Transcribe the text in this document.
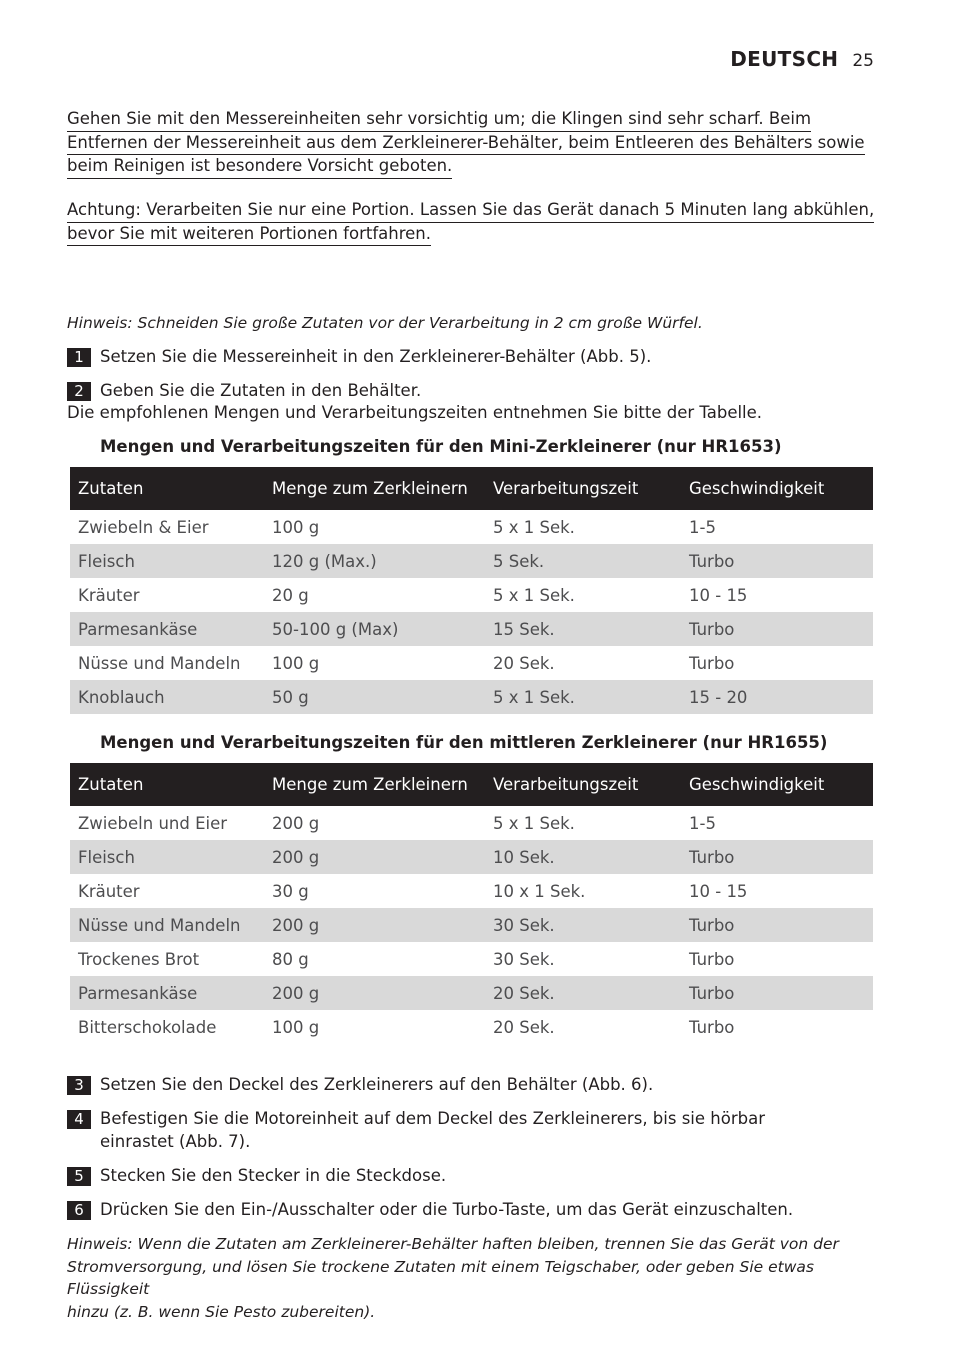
DEUTSCH 25
Gehen Sie mit den Messereinheiten sehr vorsichtig um; die Klingen sind sehr scharf. Beim
Entfernen der Messereinheit aus dem Zerkleinerer-Behälter, beim Entleeren des Behälters sowie
beim Reinigen ist besondere Vorsicht geboten.
Achtung: Verarbeiten Sie nur eine Portion. Lassen Sie das Gerät danach 5 Minuten lang abkühlen,
bevor Sie mit weiteren Portionen fortfahren.
Hinweis: Schneiden Sie große Zutaten vor der Verarbeitung in 2 cm große Würfel.
1 Setzen Sie die Messereinheit in den Zerkleinerer-Behälter (Abb. 5).
2 Geben Sie die Zutaten in den Behälter.
Die empfohlenen Mengen und Verarbeitungszeiten entnehmen Sie bitte der Tabelle.
Mengen und Verarbeitungszeiten für den Mini-Zerkleinerer (nur HR1653)
Zutaten	Menge zum Zerkleinern	Verarbeitungszeit	Geschwindigkeit
Zwiebeln & Eier	100 g	5 x 1 Sek.	1-5
Fleisch	120 g (Max.)	5 Sek.	Turbo
Kräuter	20 g	5 x 1 Sek.	10 - 15
Parmesankäse	50-100 g (Max)	15 Sek.	Turbo
Nüsse und Mandeln	100 g	20 Sek.	Turbo
Knoblauch	50 g	5 x 1 Sek.	15 - 20
Mengen und Verarbeitungszeiten für den mittleren Zerkleinerer (nur HR1655)
Zutaten	Menge zum Zerkleinern	Verarbeitungszeit	Geschwindigkeit
Zwiebeln und Eier	200 g	5 x 1 Sek.	1-5
Fleisch	200 g	10 Sek.	Turbo
Kräuter	30 g	10 x 1 Sek.	10 - 15
Nüsse und Mandeln	200 g	30 Sek.	Turbo
Trockenes Brot	80 g	30 Sek.	Turbo
Parmesankäse	200 g	20 Sek.	Turbo
Bitterschokolade	100 g	20 Sek.	Turbo
3 Setzen Sie den Deckel des Zerkleinerers auf den Behälter (Abb. 6).
4 Befestigen Sie die Motoreinheit auf dem Deckel des Zerkleinerers, bis sie hörbar
einrastet (Abb. 7).
5 Stecken Sie den Stecker in die Steckdose.
6 Drücken Sie den Ein-/Ausschalter oder die Turbo-Taste, um das Gerät einzuschalten.
Hinweis: Wenn die Zutaten am Zerkleinerer-Behälter haften bleiben, trennen Sie das Gerät von der
Stromversorgung, und lösen Sie trockene Zutaten mit einem Teigschaber, oder geben Sie etwas Flüssigkeit
hinzu (z. B. wenn Sie Pesto zubereiten).
